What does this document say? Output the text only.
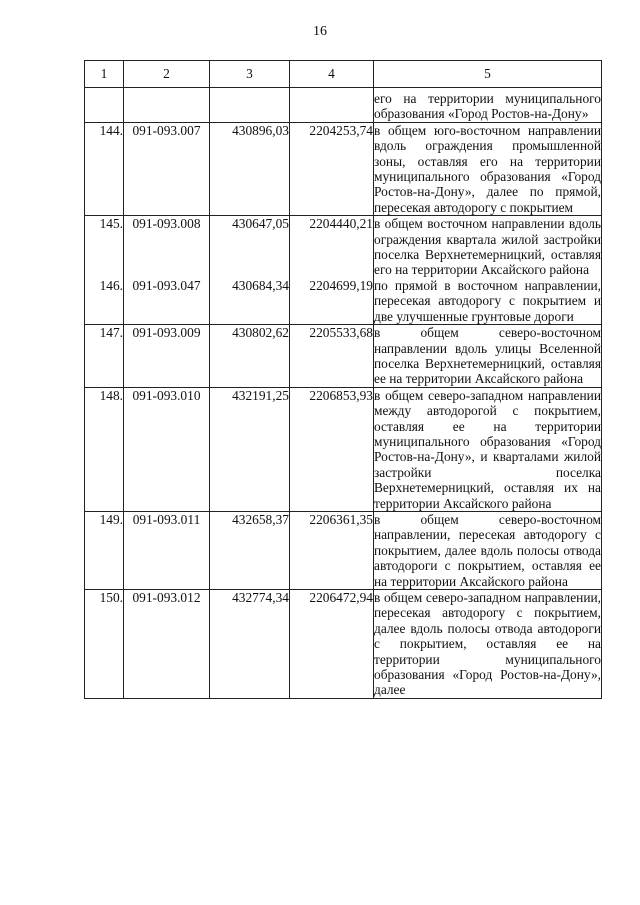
16
1	2	3	4	5
				его на территории муниципального образования «Город Ростов-на-Дону»
144.	091-093.007	430896,03	2204253,74	в общем юго-восточном направлении вдоль ограждения промышленной зоны, оставляя его на территории муниципального образования «Город Ростов-на-Дону», далее по прямой, пересекая автодорогу с покрытием
145.	091-093.008	430647,05	2204440,21	в общем восточном направлении вдоль ограждения квартала жилой застройки поселка Верхнетемерницкий, оставляя его на территории Аксайского района
146.	091-093.047	430684,34	2204699,19	по прямой в восточном направлении, пересекая автодорогу с покрытием и две улучшенные грунтовые дороги
147.	091-093.009	430802,62	2205533,68	в общем северо-восточном направлении вдоль улицы Вселенной поселка Верхнетемерницкий, оставляя ее на территории Аксайского района
148.	091-093.010	432191,25	2206853,93	в общем северо-западном направлении между автодорогой с покрытием, оставляя ее на территории муниципального образования «Город Ростов-на-Дону», и кварталами жилой застройки поселка Верхнетемерницкий, оставляя их на территории Аксайского района
149.	091-093.011	432658,37	2206361,35	в общем северо-восточном направлении, пересекая автодорогу с покрытием, далее вдоль полосы отвода автодороги с покрытием, оставляя ее на территории Аксайского района
150.	091-093.012	432774,34	2206472,94	в общем северо-западном направлении, пересекая автодорогу с покрытием, далее вдоль полосы отвода автодороги с покрытием, оставляя ее на территории муниципального образования «Город Ростов-на-Дону», далее
